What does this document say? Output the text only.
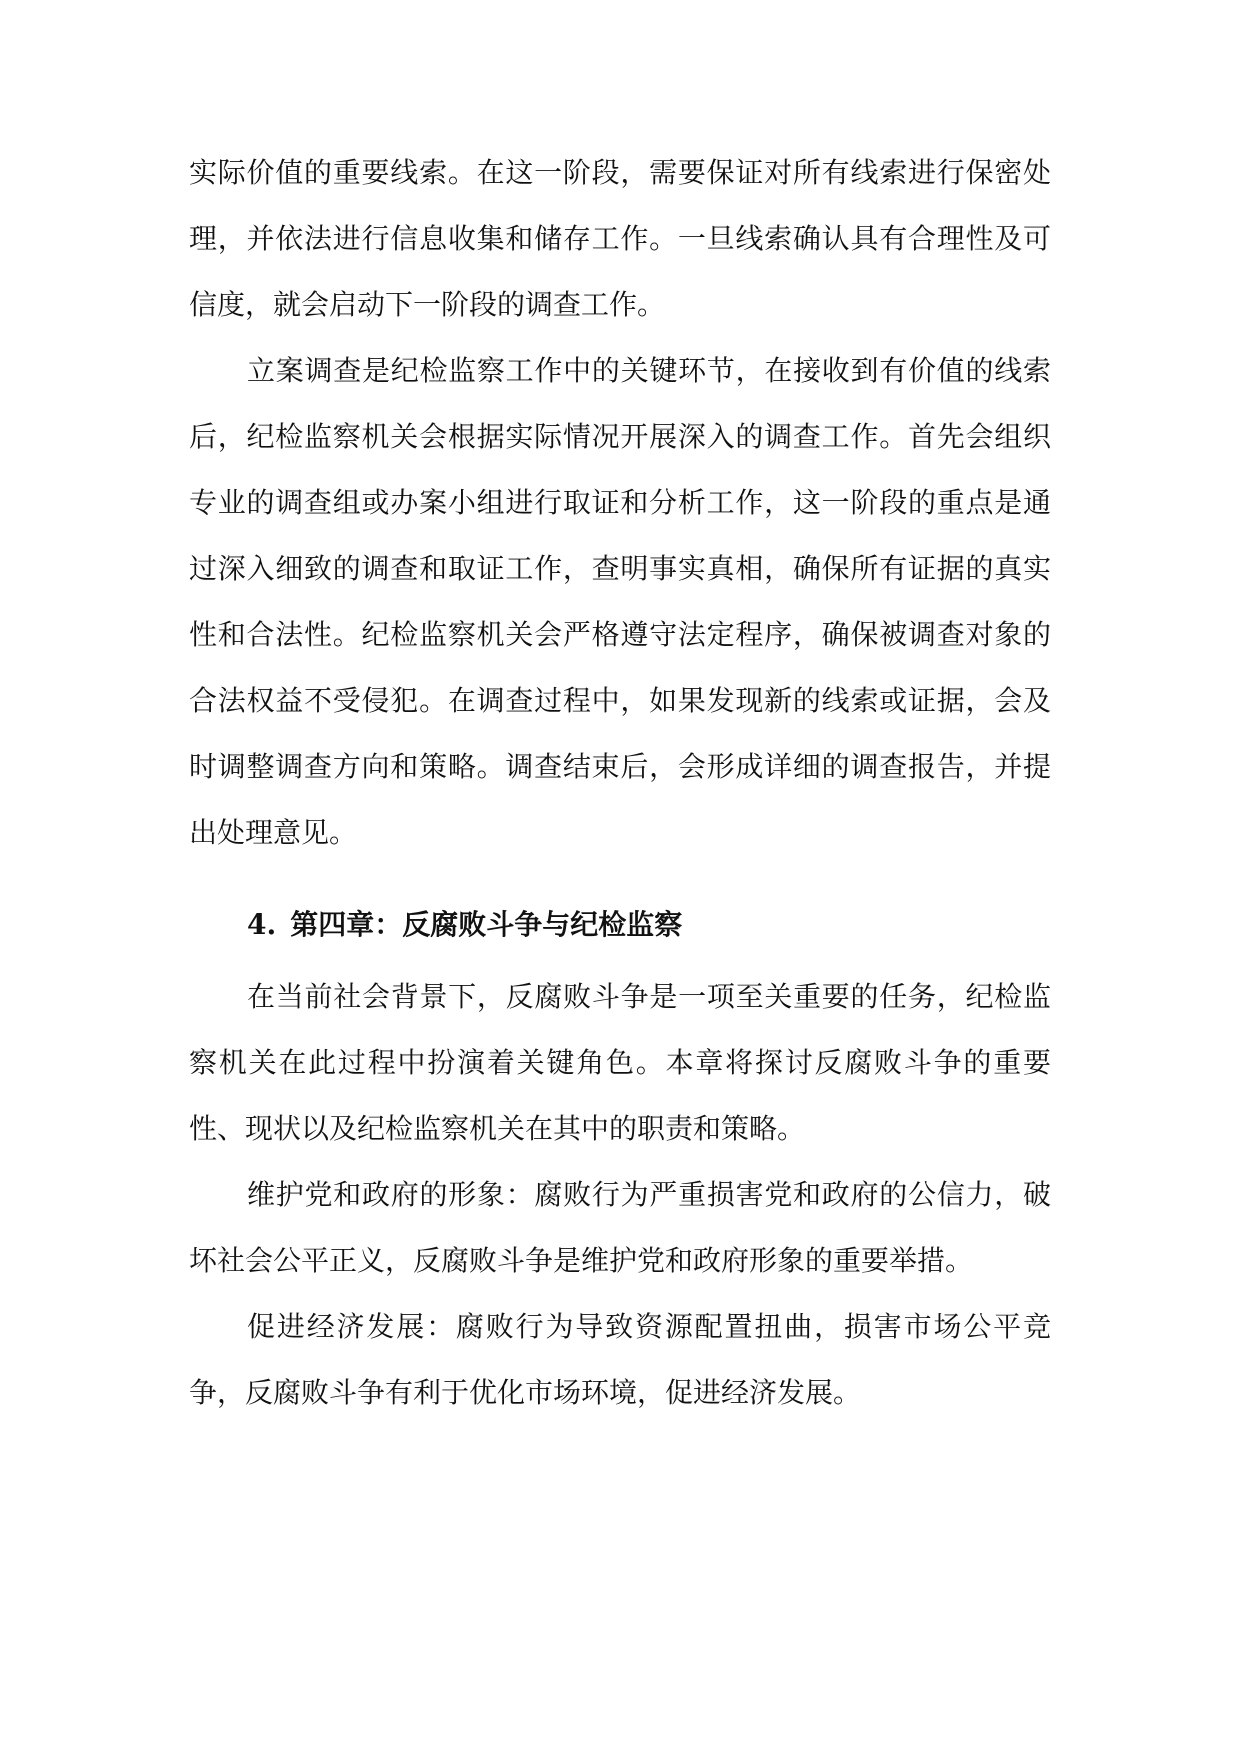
实际价值的重要线索。在这一阶段，需要保证对所有线索进行保密处理，并依法进行信息收集和储存工作。一旦线索确认具有合理性及可信度，就会启动下一阶段的调查工作。

立案调查是纪检监察工作中的关键环节，在接收到有价值的线索后，纪检监察机关会根据实际情况开展深入的调查工作。首先会组织专业的调查组或办案小组进行取证和分析工作，这一阶段的重点是通过深入细致的调查和取证工作，查明事实真相，确保所有证据的真实性和合法性。纪检监察机关会严格遵守法定程序，确保被调查对象的合法权益不受侵犯。在调查过程中，如果发现新的线索或证据，会及时调整调查方向和策略。调查结束后，会形成详细的调查报告，并提出处理意见。

4. 第四章：反腐败斗争与纪检监察

在当前社会背景下，反腐败斗争是一项至关重要的任务，纪检监察机关在此过程中扮演着关键角色。本章将探讨反腐败斗争的重要性、现状以及纪检监察机关在其中的职责和策略。

维护党和政府的形象：腐败行为严重损害党和政府的公信力，破坏社会公平正义，反腐败斗争是维护党和政府形象的重要举措。

促进经济发展：腐败行为导致资源配置扭曲，损害市场公平竞争，反腐败斗争有利于优化市场环境，促进经济发展。
